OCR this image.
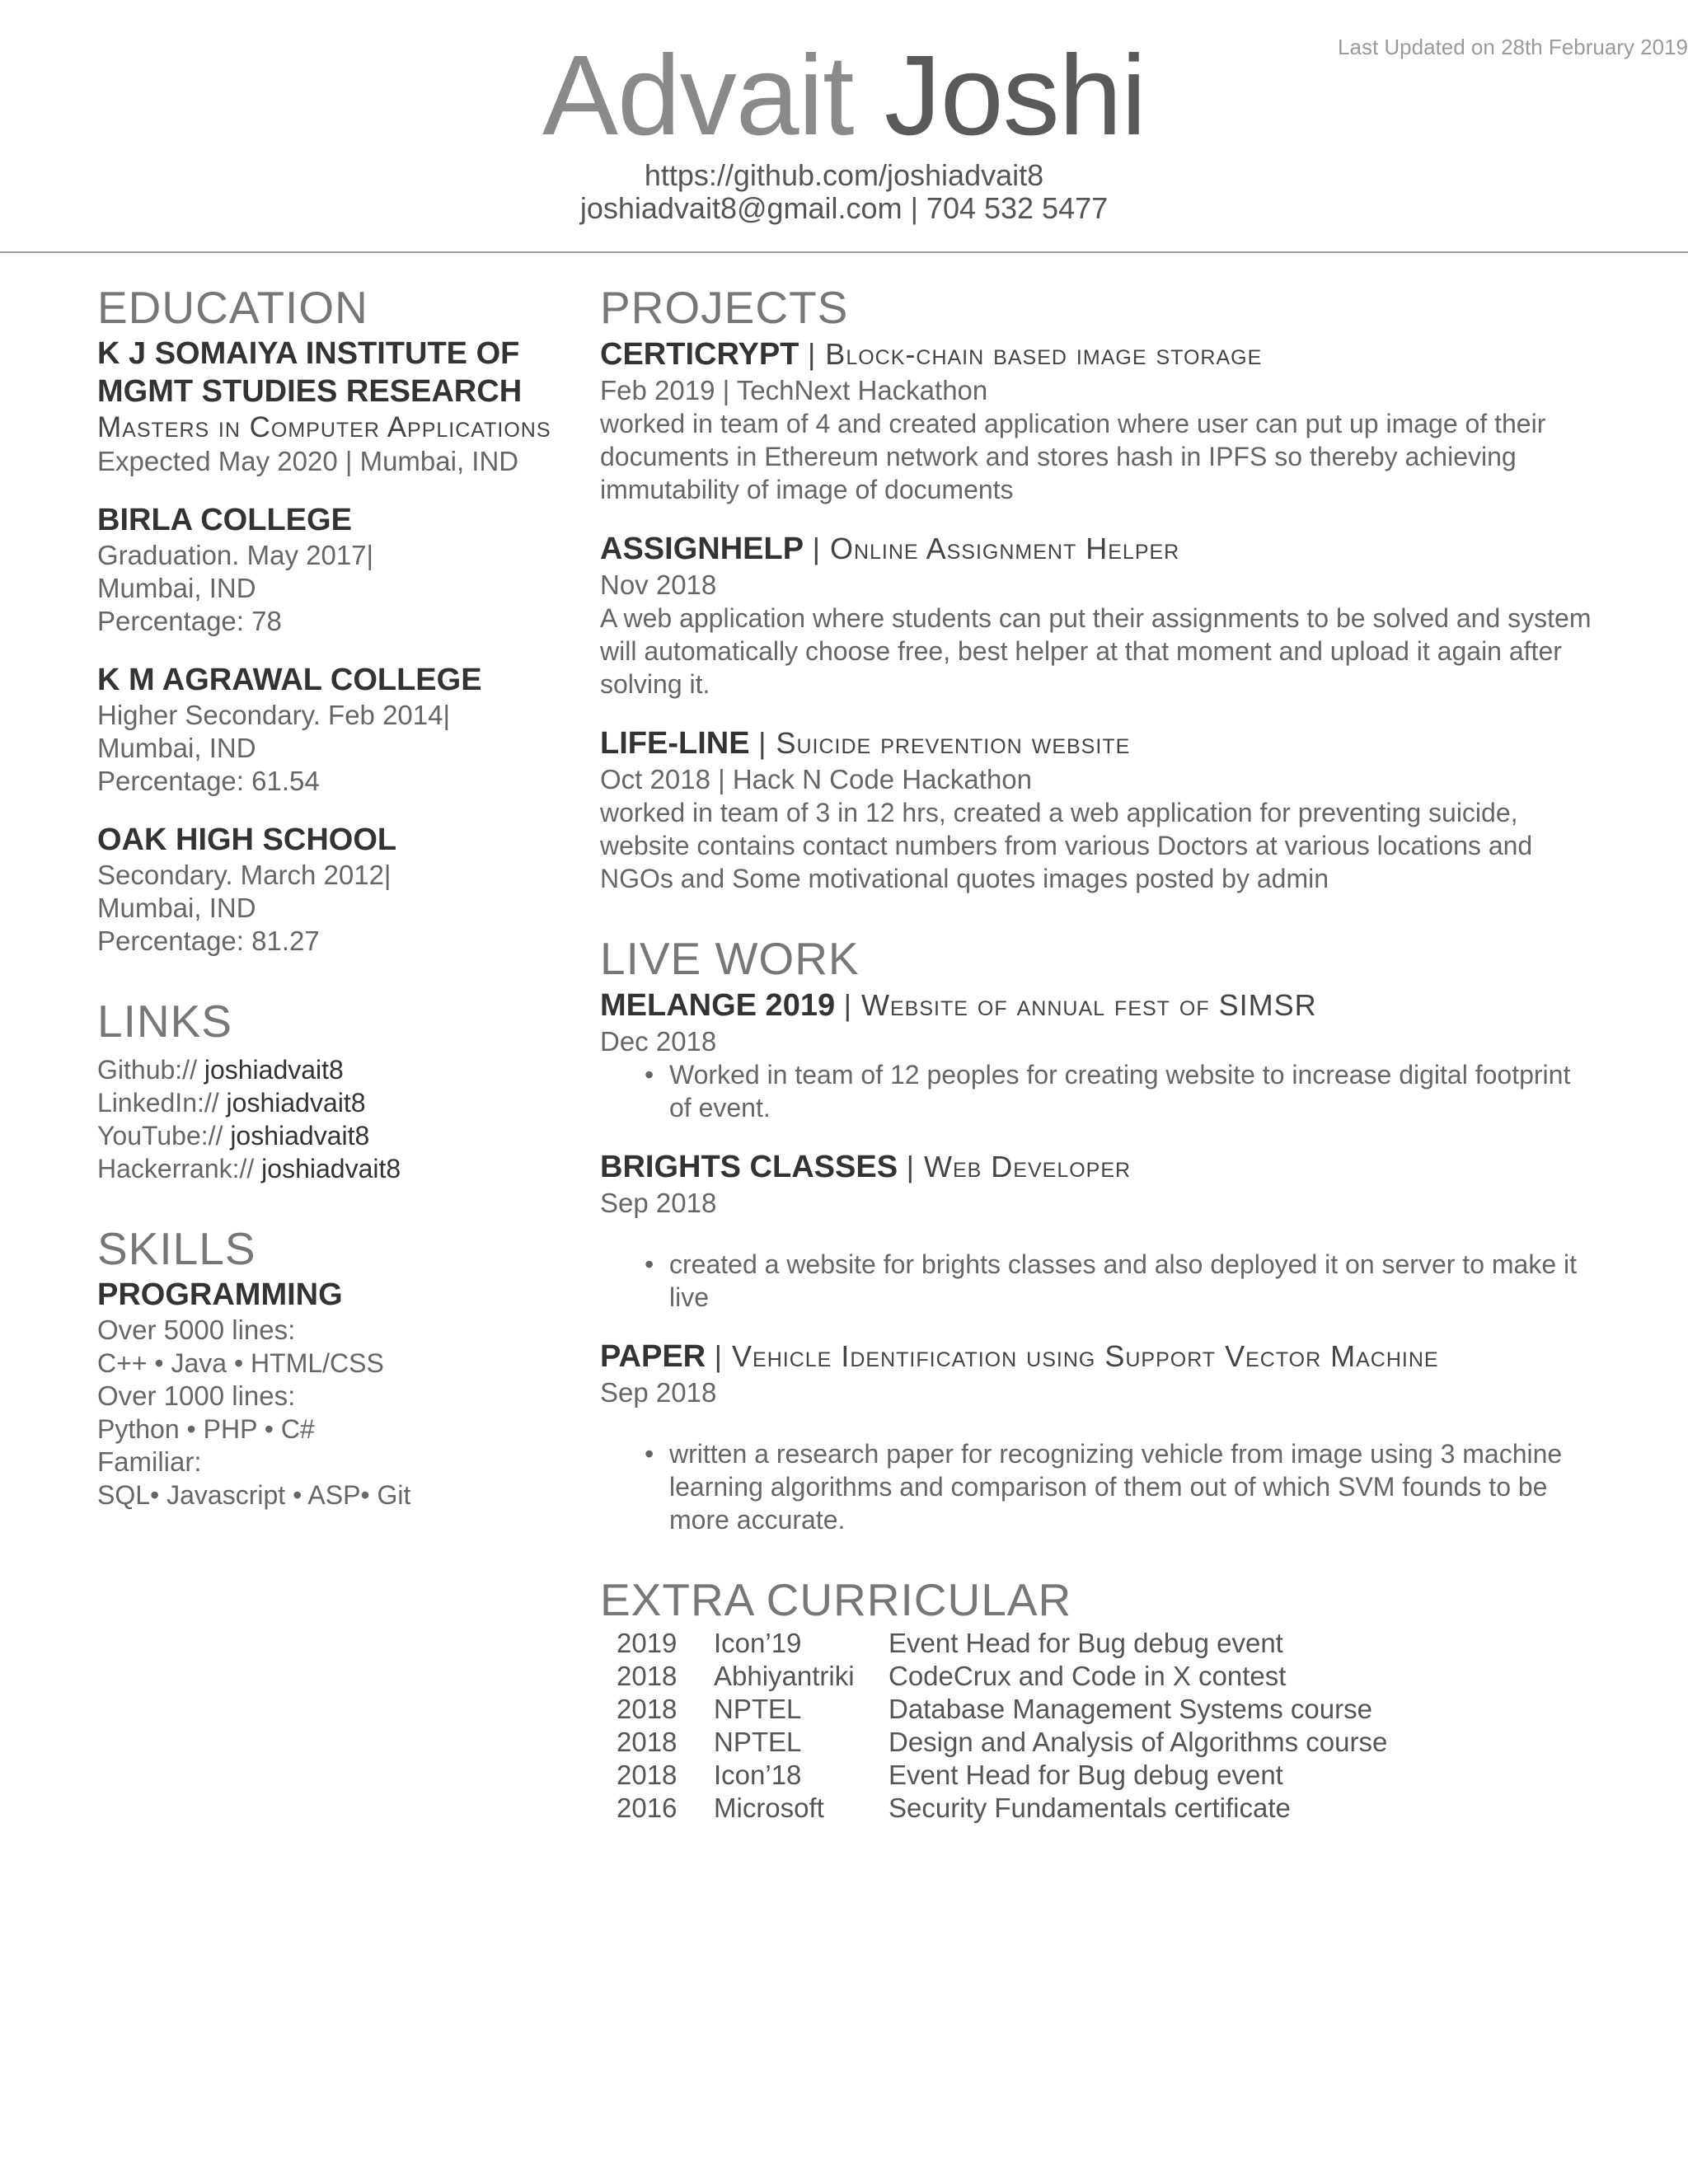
Last Updated on 28th February 2019
Advait Joshi
https://github.com/joshiadvait8
joshiadvait8@gmail.com | 704 532 5477
EDUCATION
K J SOMAIYA INSTITUTE OF MGMT STUDIES RESEARCH
Masters in Computer Applications
Expected May 2020 | Mumbai, IND
BIRLA COLLEGE
Graduation. May 2017|
Mumbai, IND
Percentage: 78
K M AGRAWAL COLLEGE
Higher Secondary. Feb 2014|
Mumbai, IND
Percentage: 61.54
OAK HIGH SCHOOL
Secondary. March 2012|
Mumbai, IND
Percentage: 81.27
LINKS
Github:// joshiadvait8
LinkedIn:// joshiadvait8
YouTube:// joshiadvait8
Hackerrank:// joshiadvait8
SKILLS
PROGRAMMING
Over 5000 lines:
C++ • Java • HTML/CSS
Over 1000 lines:
Python • PHP • C#
Familiar:
SQL• Javascript • ASP• Git
PROJECTS
CERTICRYPT | Block-chain based image storage
Feb 2019 | TechNext Hackathon
worked in team of 4 and created application where user can put up image of their
documents in Ethereum network and stores hash in IPFS so thereby achieving
immutability of image of documents
ASSIGNHELP | Online Assignment Helper
Nov 2018
A web application where students can put their assignments to be solved and system
will automatically choose free, best helper at that moment and upload it again after
solving it.
LIFE-LINE | Suicide prevention website
Oct 2018 | Hack N Code Hackathon
worked in team of 3 in 12 hrs, created a web application for preventing suicide,
website contains contact numbers from various Doctors at various locations and
NGOs and Some motivational quotes images posted by admin
LIVE WORK
MELANGE 2019 | Website of annual fest of SIMSR
Dec 2018
• Worked in team of 12 peoples for creating website to increase digital footprint
of event.
BRIGHTS CLASSES | Web Developer
Sep 2018
• created a website for brights classes and also deployed it on server to make it
live
PAPER | Vehicle Identification using Support Vector Machine
Sep 2018
• written a research paper for recognizing vehicle from image using 3 machine
learning algorithms and comparison of them out of which SVM founds to be
more accurate.
EXTRA CURRICULAR
2019	Icon’19	Event Head for Bug debug event
2018	Abhiyantriki	CodeCrux and Code in X contest
2018	NPTEL	Database Management Systems course
2018	NPTEL	Design and Analysis of Algorithms course
2018	Icon’18	Event Head for Bug debug event
2016	Microsoft	Security Fundamentals certificate
